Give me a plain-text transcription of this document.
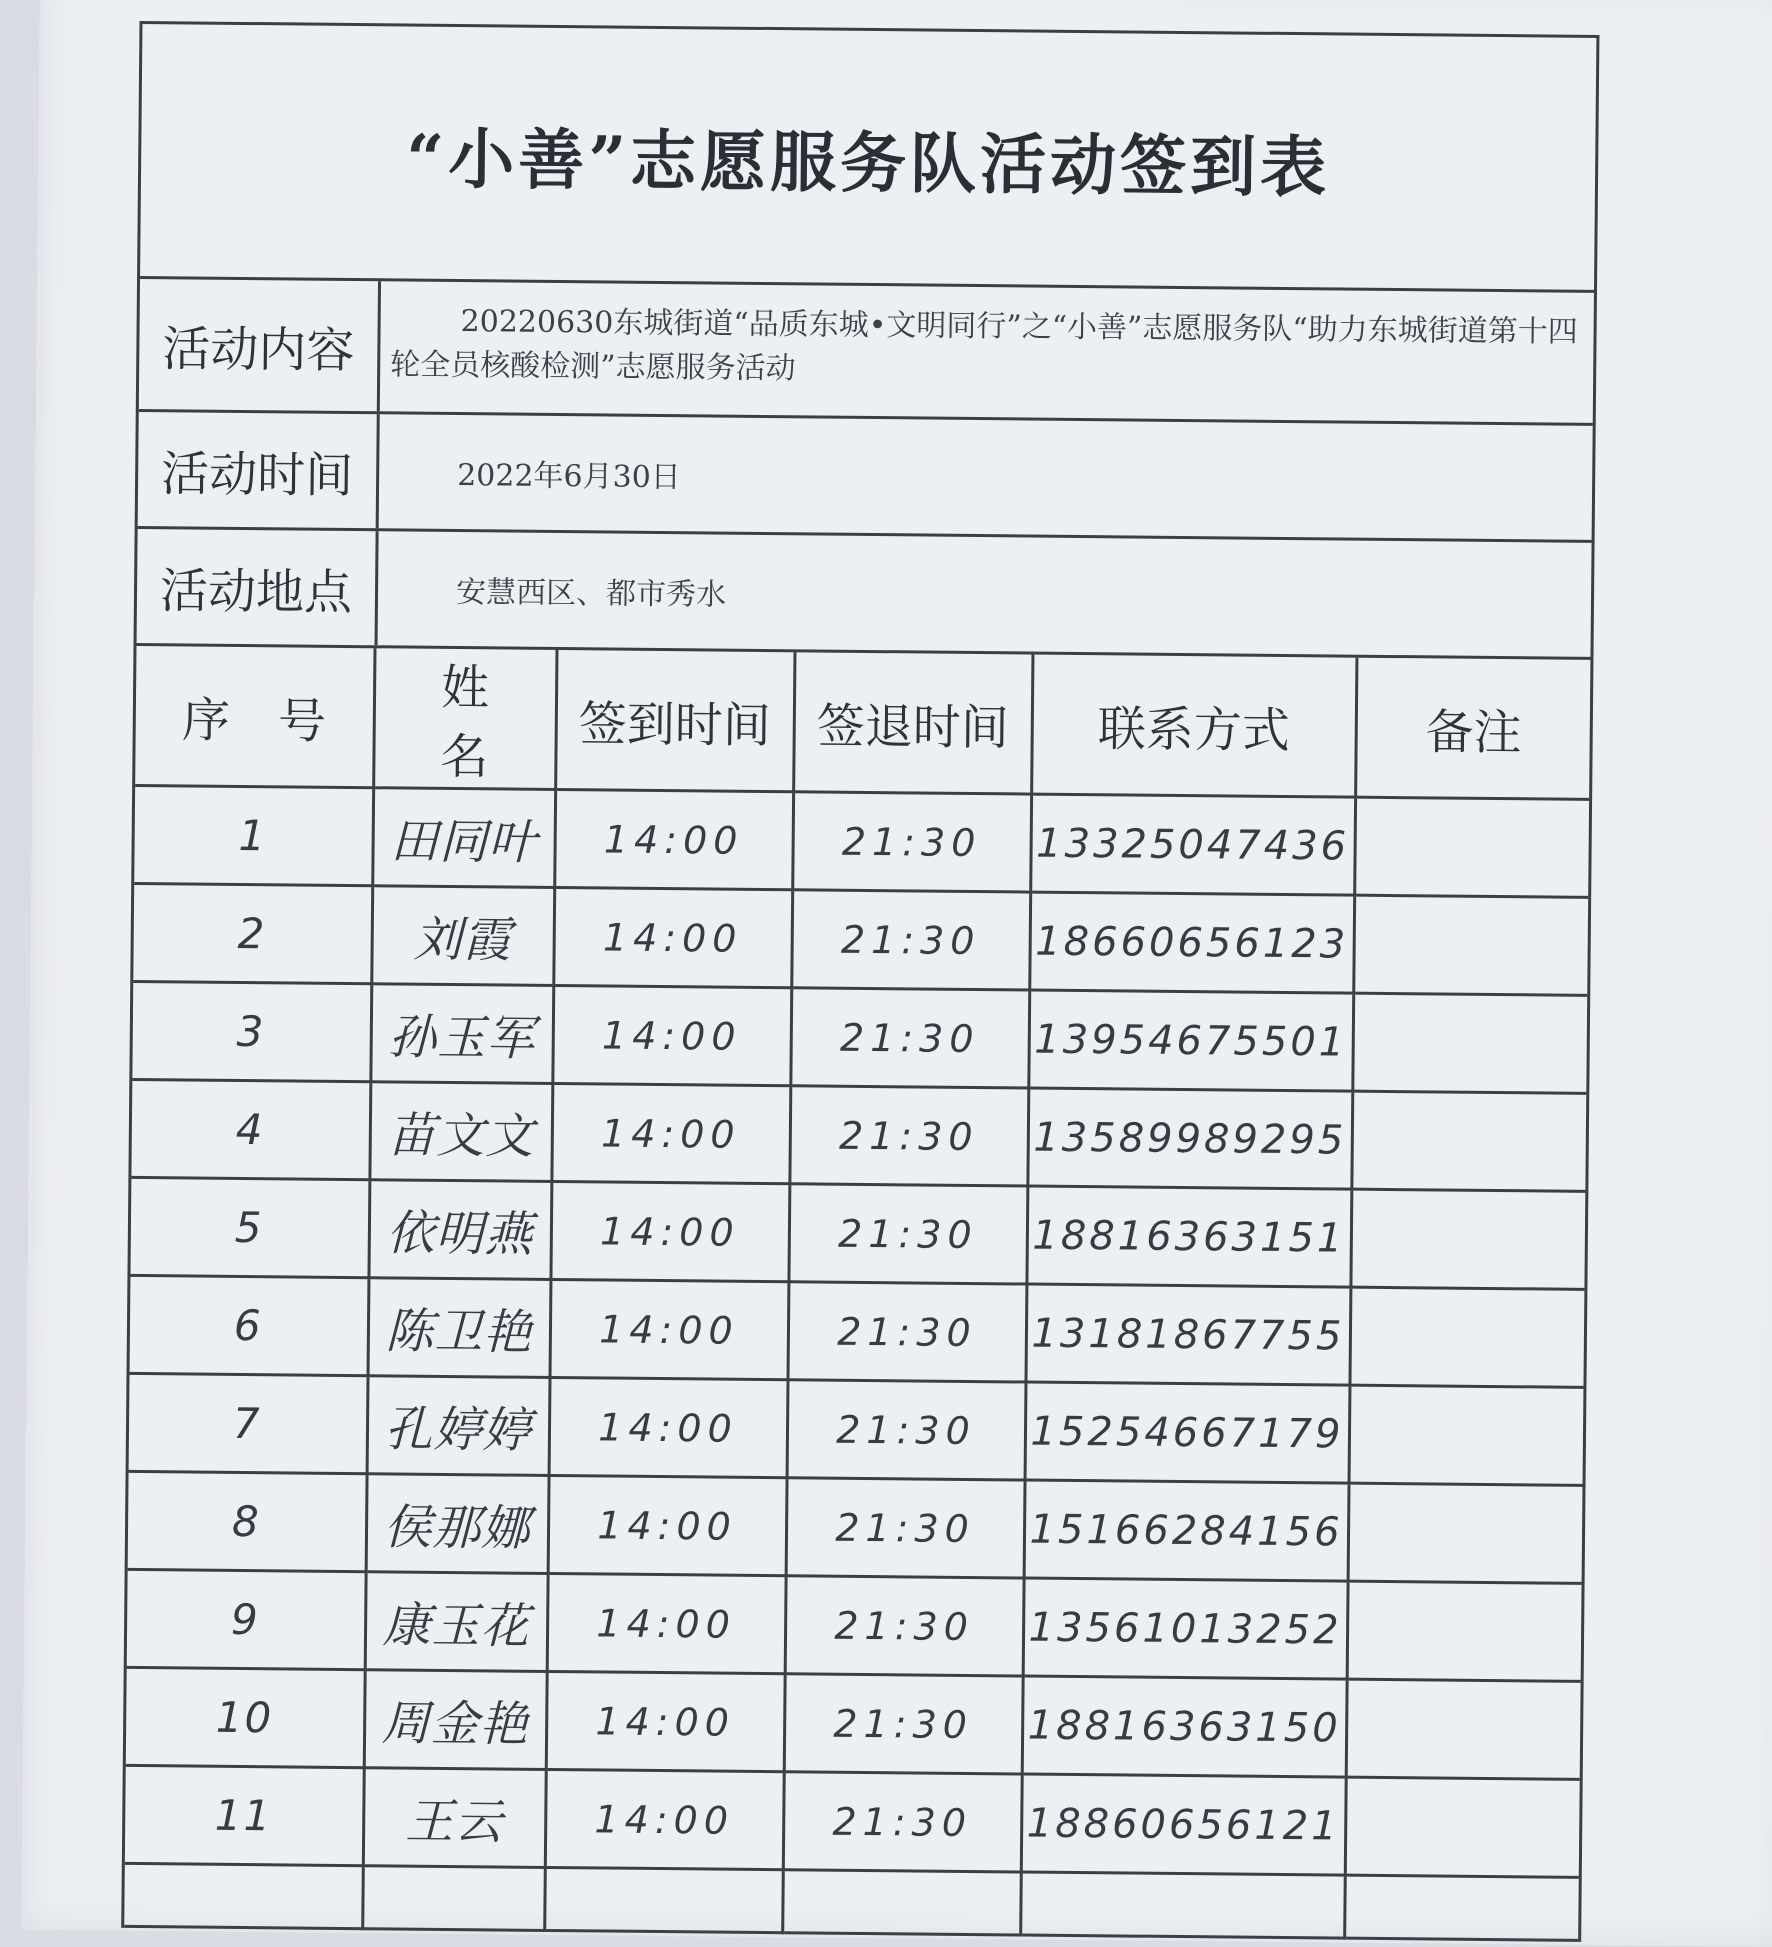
“小善”志愿服务队活动签到表
活动内容	20220630东城街道“品质东城•文明同行”之“小善”志愿服务队“助力东城街道第十四轮全员核酸检测”志愿服务活动
活动时间	2022年6月30日
活动地点	安慧西区、都市秀水
序　号	姓　　名	签到时间	签退时间	联系方式	备注
1	田同叶	14:00	21:30	13325047436	
2	刘霞	14:00	21:30	18660656123	
3	孙玉军	14:00	21:30	13954675501	
4	苗文文	14:00	21:30	13589989295	
5	依明燕	14:00	21:30	18816363151	
6	陈卫艳	14:00	21:30	13181867755	
7	孔婷婷	14:00	21:30	15254667179	
8	侯那娜	14:00	21:30	15166284156	
9	康玉花	14:00	21:30	13561013252	
10	周金艳	14:00	21:30	18816363150	
11	王云	14:00	21:30	18860656121	
